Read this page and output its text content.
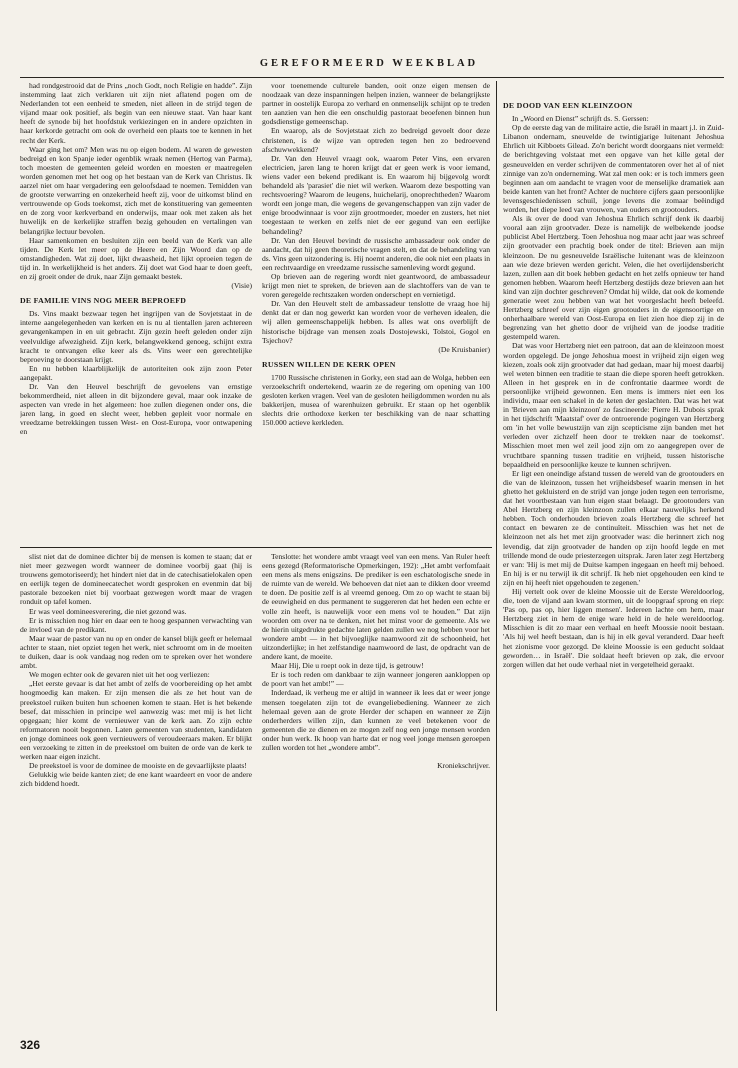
GEREFORMEERD WEEKBLAD

had rondgestrooid dat de Prins „noch Godt, noch Religie en hadde”. Zijn instemming laat zich verklaren uit zijn niet aflatend pogen om de Nederlanden tot een eenheid te smeden, niet alleen in de strijd tegen de vijand maar ook positief, als begin van een nieuwe staat. Van haar kant heeft de synode bij het hoofdstuk verkiezingen en in andere opzichten in haar kerkorde getracht om ook de overheid een plaats toe te kennen in het recht der Kerk.

Waar ging het om? Men was nu op eigen bodem. Al waren de gewesten bedreigd en kon Spanje ieder ogenblik wraak nemen (Hertog van Parma), toch moesten de gemeenten geleid worden en moesten er maatregelen worden genomen met het oog op het bestaan van de Kerk van Christus. Ik aarzel niet om haar vergadering een geloofsdaad te noemen. Temidden van de grootste verwarring en onzekerheid heeft zij, voor de uitkomst blind en vertrouwende op Gods toekomst, zich met de konstituering van gemeenten en de zorg voor kerkverband en onderwijs, maar ook met zaken als het huwelijk en de kerkelijke straffen bezig gehouden en vertalingen van belangrijke lectuur bevolen.

Haar samenkomen en besluiten zijn een beeld van de Kerk van alle tijden. De Kerk let meer op de Heere en Zijn Woord dan op de omstandigheden. Wat zij doet, lijkt dwaasheid, het lijkt oproeien tegen de tijd in. In werkelijkheid is het anders. Zij doet wat God haar te doen geeft, en zij groeit onder de druk, naar Zijn gemaakt bestek.

(Visie)

DE FAMILIE VINS NOG MEER BEPROEFD

Ds. Vins maakt bezwaar tegen het ingrijpen van de Sovjetstaat in de interne aangelegenheden van kerken en is nu al tientallen jaren achtereen gevangenkampen in en uit gebracht. Zijn gezin heeft geleden onder zijn veelvuldige afwezigheid. Zijn kerk, belangwekkend genoeg, schijnt extra kracht te ontvangen elke keer als ds. Vins weer een gerechtelijke beproeving te doorstaan krijgt.

En nu hebben klaarblijkelijk de autoriteiten ook zijn zoon Peter aangepakt.

Dr. Van den Heuvel beschrijft de gevoelens van ernstige bekommerdheid, niet alleen in dit bijzondere geval, maar ook inzake de aspecten van vrede in het algemeen: hoe zullen diegenen onder ons, die jaren lang, in goed en slecht weer, hebben gepleit voor normale en vreedzame betrekkingen tussen West- en Oost-Europa, voor ontwapening en

voor toenemende culturele banden, ooit onze eigen mensen de noodzaak van deze inspanningen helpen inzien, wanneer de belangrijkste partner in oostelijk Europa zo verhard en onmenselijk schijnt op te treden ten aanzien van hen die een onschuldig pastoraat beoefenen binnen hun godsdienstige gemeenschap.

En waarop, als de Sovjetstaat zich zo bedreigd gevoelt door deze christenen, is de wijze van optreden tegen hen zo bedroevend afschuwwekkend?

Dr. Van den Heuvel vraagt ook, waarom Peter Vins, een ervaren electricien, jaren lang te horen krijgt dat er geen werk is voor iemand, wiens vader een bekend predikant is. En waarom hij bijgevolg wordt behandeld als 'parasiet' die niet wil werken. Waarom deze bespotting van rechtsvoering? Waarom de leugens, huichelarij, onoprechtheden? Waarom wordt een jonge man, die wegens de gevangenschappen van zijn vader de enige broodwinnaar is voor zijn grootmoeder, moeder en zusters, het niet toegestaan te werken en zelfs niet de eer gegund van een eerlijke behandeling?

Dr. Van den Heuvel bevindt de russische ambassadeur ook onder de aandacht, dat hij geen theoretische vragen stelt, en dat de behandeling van ds. Vins geen uitzondering is. Hij noemt anderen, die ook niet een plaats in een rechtvaardige en vreedzame russische samenleving wordt gegund.

Op brieven aan de regering wordt niet geantwoord, de ambassadeur krijgt men niet te spreken, de brieven aan de slachtoffers van de van te voren geregelde rechtszaken worden onderschept en vernietigd.

Dr. Van den Heuvelt stelt de ambassadeur tenslotte de vraag hoe hij denkt dat er dan nog gewerkt kan worden voor de verheven idealen, die wij allen gemeenschappelijk hebben. Is alles wat ons overblijft de historische bijdrage van mensen zoals Dostojewski, Tolstoi, Gogol en Tsjechov?

(De Kruisbanier)

RUSSEN WILLEN DE KERK OPEN

1700 Russische christenen in Gorky, een stad aan de Wolga, hebben een verzoekschrift ondertekend, waarin ze de regering om opening van 100 gesloten kerken vragen. Veel van de gesloten heiligdommen worden nu als bakkerijen, musea of warenhuizen gebruikt. Er staan op het ogenblik slechts drie orthodoxe kerken ter beschikking van de naar schatting 150.000 actieve kerkleden.

slist niet dat de dominee dichter bij de mensen is komen te staan; dat er niet meer gezwegen wordt wanneer de dominee voorbij gaat (hij is trouwens gemotoriseerd); het hindert niet dat in de catechisatielokalen open en eerlijk tegen de domineecatechet wordt gesproken en evenmin dat bij pastorale bezoeken niet bij voorbaat gezwegen wordt maar de vragen ronduit op tafel komen.

Er was veel domineesverering, die niet gezond was.

Er is misschien nog hier en daar een te hoog gespannen verwachting van de invloed van de predikant.

Maar waar de pastor van nu op en onder de kansel blijk geeft er helemaal achter te staan, niet opziet tegen het werk, niet schroomt om in de moeiten te duiken, daar is ook vandaag nog reden om te spreken over het wondere ambt.

We mogen echter ook de gevaren niet uit het oog verliezen:

„Het eerste gevaar is dat het ambt of zelfs de voorbereiding op het ambt hoogmoedig kan maken. Er zijn mensen die als ze het hout van de preekstoel ruiken buiten hun schoenen komen te staan. Het is het bekende besef, dat misschien in principe wel aanwezig was: met mij is het licht opgegaan; hier komt de vernieuwer van de kerk aan. Zo zijn echte reformatoren nooit begonnen. Laten gemeenten van studenten, kandidaten en jonge dominees ook geen vernieuwers of veroudeeraars maken. Er blijkt een verzoeking te zitten in de preekstoel om buiten de orde van de kerk te werken naar eigen inzicht.

De preekstoel is voor de dominee de mooiste en de gevaarlijkste plaats!

Gelukkig wie beide kanten ziet; de ene kant waardeert en voor de andere zich biddend hoedt.

Tenslotte: het wondere ambt vraagt veel van een mens. Van Ruler heeft eens gezegd (Reformatorische Opmerkingen, 192): „Het ambt verfomfaait een mens als mens enigszins. De prediker is een eschatologische snede in de ruimte van de wereld. We behoeven dat niet aan te dikken door vreemd te doen. De positie zelf is al vreemd genoeg. Om zo op wacht te staan bij de eeuwigheid en dus permanent te suggereren dat het heden een echte er volle zin heeft, is nauwelijk voor een mens vol te houden.” Dat zijn woorden om over na te denken, niet het minst voor de gemeente. Als we de hierin uitgedrukte gedachte laten gelden zullen we nog hebben voor het wondere ambt — in het bijvoeglijke naamwoord zit de schoonheid, het uitzonderlijke; in het zelfstandige naamwoord de last, de opdracht van de andere kant, de moeite.

Maar Hij, Die u roept ook in deze tijd, is getrouw!

Er is toch reden om dankbaar te zijn wanneer jongeren aankloppen op de poort van het ambt!” —

Inderdaad, ik verheug me er altijd in wanneer ik lees dat er weer jonge mensen toegelaten zijn tot de evangeliebediening. Wanneer ze zich helemaal geven aan de grote Herder der schapen en wanneer ze Zijn onderherders willen zijn, dan kunnen ze veel betekenen voor de gemeenten die ze dienen en ze mogen zelf nog een jonge mensen worden onder hun werk. Ik hoop van harte dat er nog veel jonge mensen geroepen zullen worden tot het „wondere ambt”.

Kroniekschrijver.

DE DOOD VAN EEN KLEINZOON

In „Woord en Dienst” schrijft ds. S. Gerssen:

Op de eerste dag van de militaire actie, die Israël in maart j.l. in Zuid-Libanon ondernam, sneuvelde de twintigjarige luitenant Jehoshua Ehrlich uit Kibboets Gilead. Zo'n bericht wordt doorgaans niet vermeld: de berichtgeving volstaat met een opgave van het kille getal der gesneuvelden en verder schrijven de commentatoren over het al of niet zinnige van zo'n onderneming. Wat zal men ook: er is toch immers geen beginnen aan om aandacht te vragen voor de menselijke dramatiek aan beide kanten van het front? Achter de nuchtere cijfers gaan persoonlijke levensgeschiedenissen schuil, jonge levens die zomaar beëindigd worden, het diepe leed van vrouwen, van ouders en grootouders.

Als ik over de dood van Jehoshua Ehrlich schrijf denk ik daarbij vooral aan zijn grootvader. Deze is namelijk de welbekende joodse publicist Abel Hertzberg. Toen Jehoshua nog maar acht jaar was schreef zijn grootvader een prachtig boek onder de titel: Brieven aan mijn kleinzoon. De nu gesneuvelde Israëlische luitenant was de kleinzoon aan wie deze brieven werden gericht. Velen, die het overlijdensbericht lazen, zullen aan dit boek hebben gedacht en het zelfs opnieuw ter hand genomen hebben. Waarom heeft Hertzberg destijds deze brieven aan het kind van zijn dochter geschreven? Omdat hij wilde, dat ook de komende generatie weet zou hebben van wat het voorgeslacht heeft beleefd. Hertzberg schreef over zijn eigen grootouders in de eigensoortige en onherhaalbare wereld van Oost-Europa en liet zien hoe diep zij in de begrenzing van het ghetto door de vrijheid van de joodse traditie gestempeld waren.

Dat was voor Hertzberg niet een patroon, dat aan de kleinzoon moest worden opgelegd. De jonge Jehoshua moest in vrijheid zijn eigen weg kiezen, zoals ook zijn grootvader dat had gedaan, maar hij moest daarbij wel weten binnen een traditie te staan die diepe sporen heeft getrokken. Alleen in het gesprek en in de confrontatie daarmee wordt de persoonlijke vrijheid gewonnen. Een mens is immers niet een los individu, maar een schakel in de keten der geslachten. Dat was het wat in 'Brieven aan mijn kleinzoon' zo fascineerde: Pierre H. Dubois sprak in het tijdschrift 'Maatstaf' over de ontroerende pogingen van Hertzberg om 'in het volle bewustzijn van zijn scepticisme zijn banden met het verleden over zichzelf heen door te trekken naar de toekomst'. Misschien moet men wel zeil jood zijn om zo aangegrepen over de vruchtbare spanning tussen traditie en vrijheid, tussen historische bepaaldheid en persoonlijke keuze te kunnen schrijven.

Er ligt een oneindige afstand tussen de wereld van de grootouders en die van de kleinzoon, tussen het vrijheidsbesef waarin mensen in het ghetto het gekluisterd en de strijd van jonge joden tegen een terrorisme, dat het voortbestaan van hun eigen staat belaagt. De grootouders van Abel Hertzberg en zijn kleinzoon zullen elkaar nauwelijks herkend hebben. Toch onderhouden brieven zoals Hertzberg die schreef het contact en bewaren ze de continuïteit. Misschien was het net de kleinzoon net als het met zijn grootvader was: die herinnert zich nog levendig, dat zijn grootvader de handen op zijn hoofd legde en met trillende mond de oude priesterzegen uitsprak. Jaren later zegt Hertzberg er van: 'Hij is met mij de Duitse kampen ingegaan en heeft mij behoed. En hij is er nu terwijl ik dit schrijf. Ik heb niet opgehouden een kind te zijn en hij heeft niet opgehouden te zegenen.'

Hij vertelt ook over de kleine Moossie uit de Eerste Wereldoorlog, die, toen de vijand aan kwam stormen, uit de loopgraaf sprong en riep: 'Pas op, pas op, hier liggen mensen'. Iedereen lachte om hem, maar Hertzberg ziet in hem de enige ware held in de hele wereldoorlog. Misschien is dit zo maar een verhaal en heeft Moossie nooit bestaan. 'Als hij wel heeft bestaan, dan is hij in elk geval veranderd. Daar heeft het zionisme voor gezorgd. De kleine Moossie is een geducht soldaat geworden… in Israël'. Die soldaat heeft brieven op zak, die ervoor zorgen willen dat het oude verhaal niet in vergetelheid geraakt.

326
